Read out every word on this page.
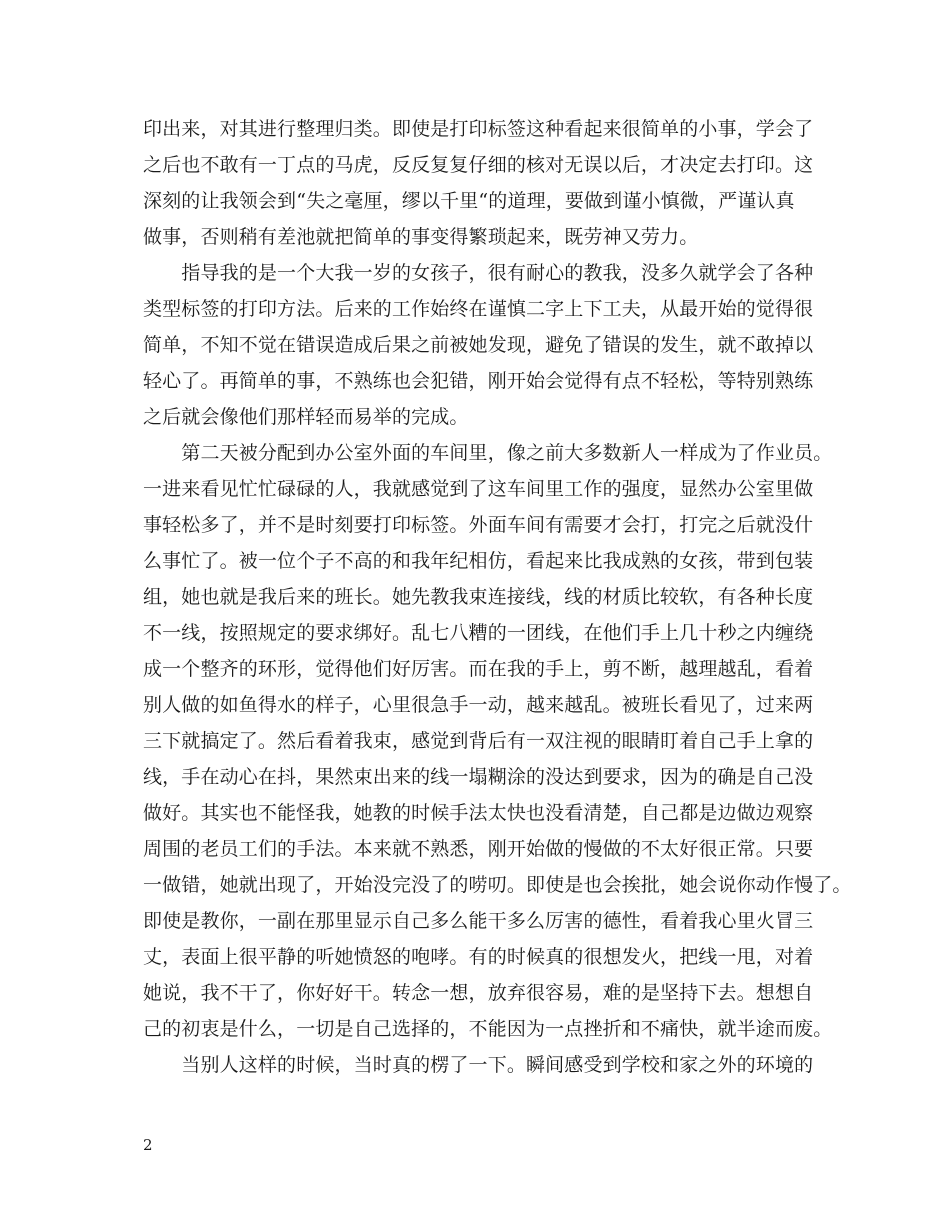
印出来，对其进行整理归类。即使是打印标签这种看起来很简单的小事，学会了
之后也不敢有一丁点的马虎，反反复复仔细的核对无误以后，才决定去打印。这
深刻的让我领会到“失之毫厘，缪以千里“的道理，要做到谨小慎微，严谨认真
做事，否则稍有差池就把简单的事变得繁琐起来，既劳神又劳力。
　　指导我的是一个大我一岁的女孩子，很有耐心的教我，没多久就学会了各种
类型标签的打印方法。后来的工作始终在谨慎二字上下工夫，从最开始的觉得很
简单，不知不觉在错误造成后果之前被她发现，避免了错误的发生，就不敢掉以
轻心了。再简单的事，不熟练也会犯错，刚开始会觉得有点不轻松，等特别熟练
之后就会像他们那样轻而易举的完成。
　　第二天被分配到办公室外面的车间里，像之前大多数新人一样成为了作业员。
一进来看见忙忙碌碌的人，我就感觉到了这车间里工作的强度，显然办公室里做
事轻松多了，并不是时刻要打印标签。外面车间有需要才会打，打完之后就没什
么事忙了。被一位个子不高的和我年纪相仿，看起来比我成熟的女孩，带到包装
组，她也就是我后来的班长。她先教我束连接线，线的材质比较软，有各种长度
不一线，按照规定的要求绑好。乱七八糟的一团线，在他们手上几十秒之内缠绕
成一个整齐的环形，觉得他们好厉害。而在我的手上，剪不断，越理越乱，看着
别人做的如鱼得水的样子，心里很急手一动，越来越乱。被班长看见了，过来两
三下就搞定了。然后看着我束，感觉到背后有一双注视的眼睛盯着自己手上拿的
线，手在动心在抖，果然束出来的线一塌糊涂的没达到要求，因为的确是自己没
做好。其实也不能怪我，她教的时候手法太快也没看清楚，自己都是边做边观察
周围的老员工们的手法。本来就不熟悉，刚开始做的慢做的不太好很正常。只要
一做错，她就出现了，开始没完没了的唠叨。即使是也会挨批，她会说你动作慢了。
即使是教你，一副在那里显示自己多么能干多么厉害的德性，看着我心里火冒三
丈，表面上很平静的听她愤怒的咆哮。有的时候真的很想发火，把线一甩，对着
她说，我不干了，你好好干。转念一想，放弃很容易，难的是坚持下去。想想自
己的初衷是什么，一切是自己选择的，不能因为一点挫折和不痛快，就半途而废。
　　当别人这样的时候，当时真的楞了一下。瞬间感受到学校和家之外的环境的
2
